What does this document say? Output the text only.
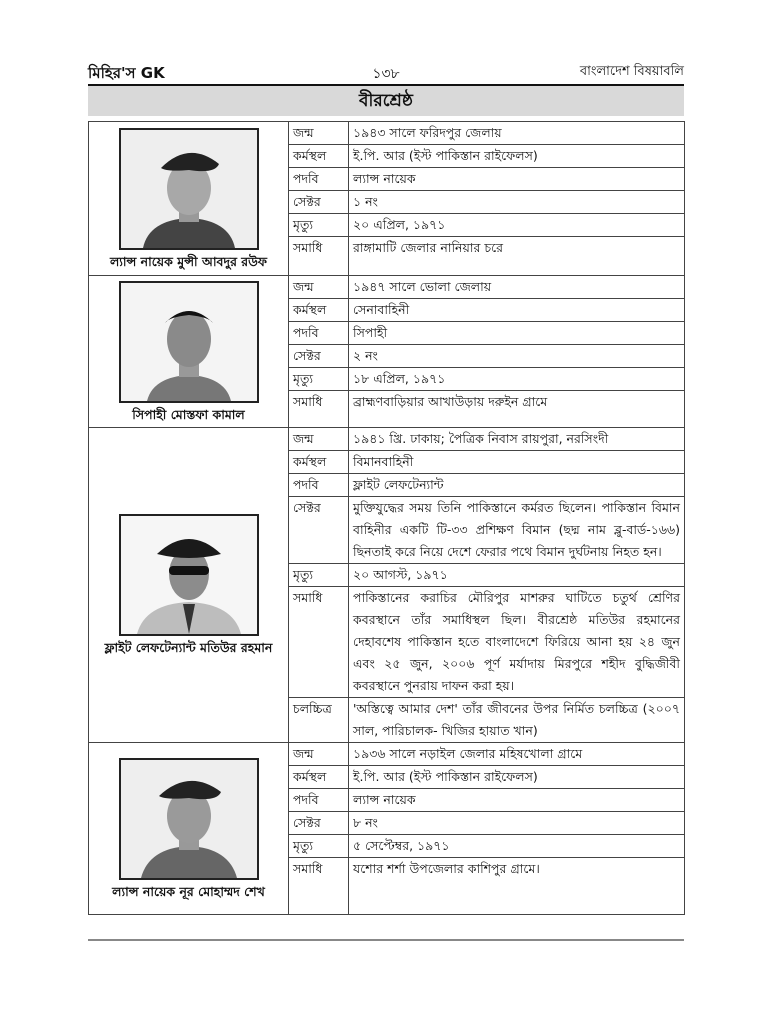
মিহির'স GK	১৩৮	বাংলাদেশ বিষয়াবলি
বীরশ্রেষ্ঠ
ল্যান্স নায়েক মুন্সী আবদুর রউফ	জন্ম	১৯৪৩ সালে ফরিদপুর জেলায়
	কর্মস্থল	ই.পি. আর (ইস্ট পাকিস্তান রাইফেলস)
	পদবি	ল্যান্স নায়েক
	সেক্টর	১ নং
	মৃত্যু	২০ এপ্রিল, ১৯৭১
	সমাধি	রাঙ্গামাটি জেলার নানিয়ার চরে

সিপাহী মোস্তফা কামাল	জন্ম	১৯৪৭ সালে ভোলা জেলায়
	কর্মস্থল	সেনাবাহিনী
	পদবি	সিপাহী
	সেক্টর	২ নং
	মৃত্যু	১৮ এপ্রিল, ১৯৭১
	সমাধি	ব্রাহ্মণবাড়িয়ার আখাউড়ায় দরুইন গ্রামে

ফ্লাইট লেফটেন্যান্ট মতিউর রহমান	জন্ম	১৯৪১ খ্রি. ঢাকায়; পৈত্রিক নিবাস রায়পুরা, নরসিংদী
	কর্মস্থল	বিমানবাহিনী
	পদবি	ফ্লাইট লেফটেন্যান্ট
	সেক্টর	মুক্তিযুদ্ধের সময় তিনি পাকিস্তানে কর্মরত ছিলেন। পাকিস্তান বিমান বাহিনীর একটি টি-৩৩ প্রশিক্ষণ বিমান (ছদ্ম নাম ব্লু-বার্ড-১৬৬) ছিনতাই করে নিয়ে দেশে ফেরার পথে বিমান দুর্ঘটনায় নিহত হন।
	মৃত্যু	২০ আগস্ট, ১৯৭১
	সমাধি	পাকিস্তানের করাচির মৌরিপুর মাশরুর ঘাটিতে চতুর্থ শ্রেণির কবরস্থানে তাঁর সমাধিস্থল ছিল। বীরশ্রেষ্ঠ মতিউর রহমানের দেহাবশেষ পাকিস্তান হতে বাংলাদেশে ফিরিয়ে আনা হয় ২৪ জুন এবং ২৫ জুন, ২০০৬ পূর্ণ মর্যাদায় মিরপুরে শহীদ বুদ্ধিজীবী কবরস্থানে পুনরায় দাফন করা হয়।
	চলচ্চিত্র	'অস্তিত্বে আমার দেশ' তাঁর জীবনের উপর নির্মিত চলচ্চিত্র (২০০৭ সাল, পারিচালক- খিজির হায়াত খান)

ল্যান্স নায়েক নূর মোহাম্মদ শেখ	জন্ম	১৯৩৬ সালে নড়াইল জেলার মহিষখোলা গ্রামে
	কর্মস্থল	ই.পি. আর (ইস্ট পাকিস্তান রাইফেলস)
	পদবি	ল্যান্স নায়েক
	সেক্টর	৮ নং
	মৃত্যু	৫ সেপ্টেম্বর, ১৯৭১
	সমাধি	যশোর শর্শা উপজেলার কাশিপুর গ্রামে।
